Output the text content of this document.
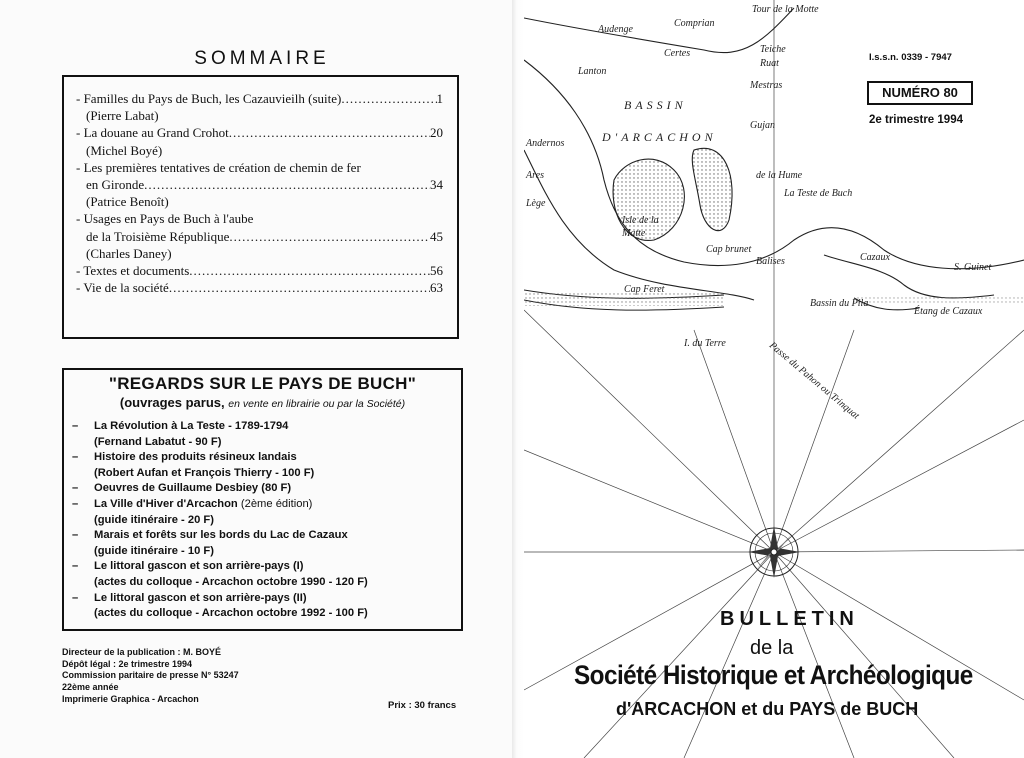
SOMMAIRE
- Familles du Pays de Buch, les Cazauvieilh (suite) .....	1
(Pierre Labat)
- La douane au Grand Crohot .....	20
(Michel Boyé)
- Les premières tentatives de création de chemin de fer
en Gironde .....	34
(Patrice Benoît)
- Usages en Pays de Buch à l'aube
de la Troisième République .....	45
(Charles Daney)
- Textes et documents .....	56
- Vie de la société .....	63
"REGARDS SUR LE PAYS DE BUCH"
(ouvrages parus, en vente en librairie ou par la Société)
–	La Révolution à La Teste - 1789-1794
(Fernand Labatut - 90 F)
–	Histoire des produits résineux landais
(Robert Aufan et François Thierry - 100 F)
–	Oeuvres de Guillaume Desbiey (80 F)
–	La Ville d'Hiver d'Arcachon (2ème édition)
(guide itinéraire - 20 F)
–	Marais et forêts sur les bords du Lac de Cazaux
(guide itinéraire - 10 F)
–	Le littoral gascon et son arrière-pays (I)
(actes du colloque - Arcachon octobre 1990 - 120 F)
–	Le littoral gascon et son arrière-pays (II)
(actes du colloque - Arcachon octobre 1992 - 100 F)
Directeur de la publication : M. BOYÉ
Dépôt légal : 2e trimestre 1994
Commission paritaire de presse N° 53247
22ème année
Imprimerie Graphica - Arcachon
Prix : 30 francs
Tour de la Motte
Audenge
Comprian
Certes
Lanton
BASSIN
D'ARCACHON
Teiche
Ruat
Mestras
Gujan
Andernos
Ares
Lège
Isle de la Matte
de la Hume
La Teste de Buch
Cap brunet
Balises	Cazaux
S. Guinet
Cap Feret
Bassin du Pila
Étang de Cazaux
I. du Terre	Passe du Pahon ou Trinquat
I.s.s.n. 0339 - 7947
NUMÉRO 80
2e trimestre 1994
BULLETIN
de la
Société Historique et Archéologique
d'ARCACHON et du PAYS de BUCH
